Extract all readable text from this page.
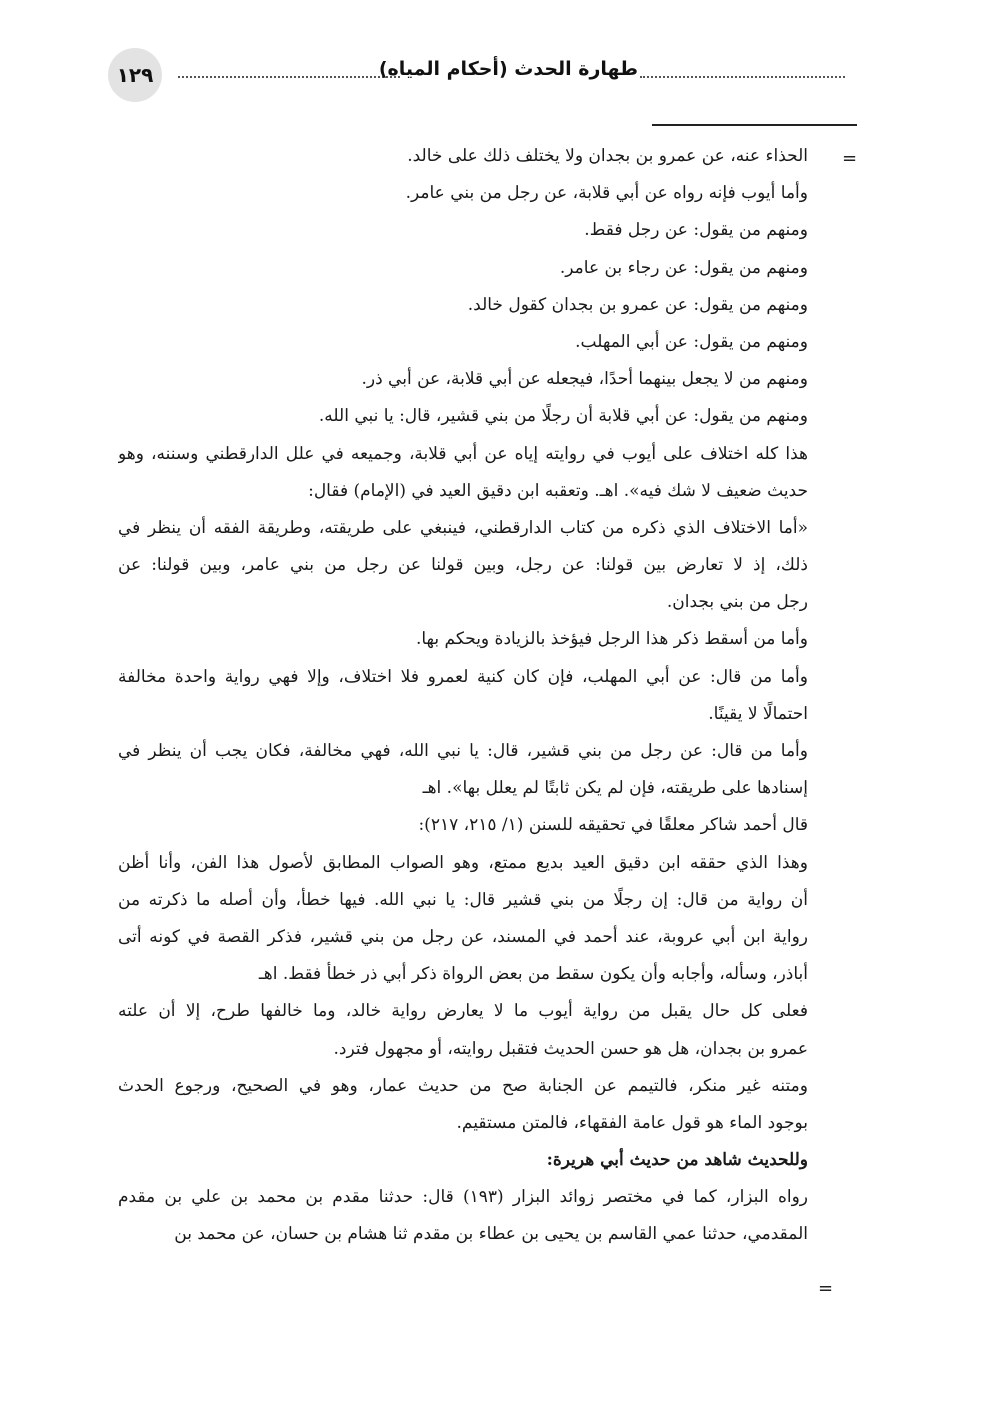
١٢٩	طهارة الحدث (أحكام المياه)
=
الحذاء عنه، عن عمرو بن بجدان ولا يختلف ذلك على خالد.
وأما أيوب فإنه رواه عن أبي قلابة، عن رجل من بني عامر.
ومنهم من يقول: عن رجل فقط.
ومنهم من يقول: عن رجاء بن عامر.
ومنهم من يقول: عن عمرو بن بجدان كقول خالد.
ومنهم من يقول: عن أبي المهلب.
ومنهم من لا يجعل بينهما أحدًا، فيجعله عن أبي قلابة، عن أبي ذر.
ومنهم من يقول: عن أبي قلابة أن رجلًا من بني قشير، قال: يا نبي الله.
هذا كله اختلاف على أيوب في روايته إياه عن أبي قلابة، وجميعه في علل الدارقطني وسننه، وهو
حديث ضعيف لا شك فيه». اهـ. وتعقبه ابن دقيق العيد في (الإمام) فقال:
«أما الاختلاف الذي ذكره من كتاب الدارقطني، فينبغي على طريقته، وطريقة الفقه أن ينظر في
ذلك، إذ لا تعارض بين قولنا: عن رجل، وبين قولنا عن رجل من بني عامر، وبين قولنا: عن
رجل من بني بجدان.
وأما من أسقط ذكر هذا الرجل فيؤخذ بالزيادة ويحكم بها.
وأما من قال: عن أبي المهلب، فإن كان كنية لعمرو فلا اختلاف، وإلا فهي رواية واحدة مخالفة
احتمالًا لا يقينًا.
وأما من قال: عن رجل من بني قشير، قال: يا نبي الله، فهي مخالفة، فكان يجب أن ينظر في
إسنادها على طريقته، فإن لم يكن ثابتًا لم يعلل بها». اهـ
قال أحمد شاكر معلقًا في تحقيقه للسنن (١/ ٢١٥، ٢١٧):
وهذا الذي حققه ابن دقيق العيد بديع ممتع، وهو الصواب المطابق لأصول هذا الفن، وأنا أظن
أن رواية من قال: إن رجلًا من بني قشير قال: يا نبي الله. فيها خطأ، وأن أصله ما ذكرته من
رواية ابن أبي عروبة، عند أحمد في المسند، عن رجل من بني قشير، فذكر القصة في كونه أتى
أباذر، وسأله، وأجابه وأن يكون سقط من بعض الرواة ذكر أبي ذر خطأ فقط. اهـ
فعلى كل حال يقبل من رواية أيوب ما لا يعارض رواية خالد، وما خالفها طرح، إلا أن علته
عمرو بن بجدان، هل هو حسن الحديث فتقبل روايته، أو مجهول فترد.
ومتنه غير منكر، فالتيمم عن الجنابة صح من حديث عمار، وهو في الصحيح، ورجوع الحدث
بوجود الماء هو قول عامة الفقهاء، فالمتن مستقيم.
وللحديث شاهد من حديث أبي هريرة:
رواه البزار، كما في مختصر زوائد البزار (١٩٣) قال: حدثنا مقدم بن محمد بن علي بن مقدم
المقدمي، حدثنا عمي القاسم بن يحيى بن عطاء بن مقدم ثنا هشام بن حسان، عن محمد بن
=
